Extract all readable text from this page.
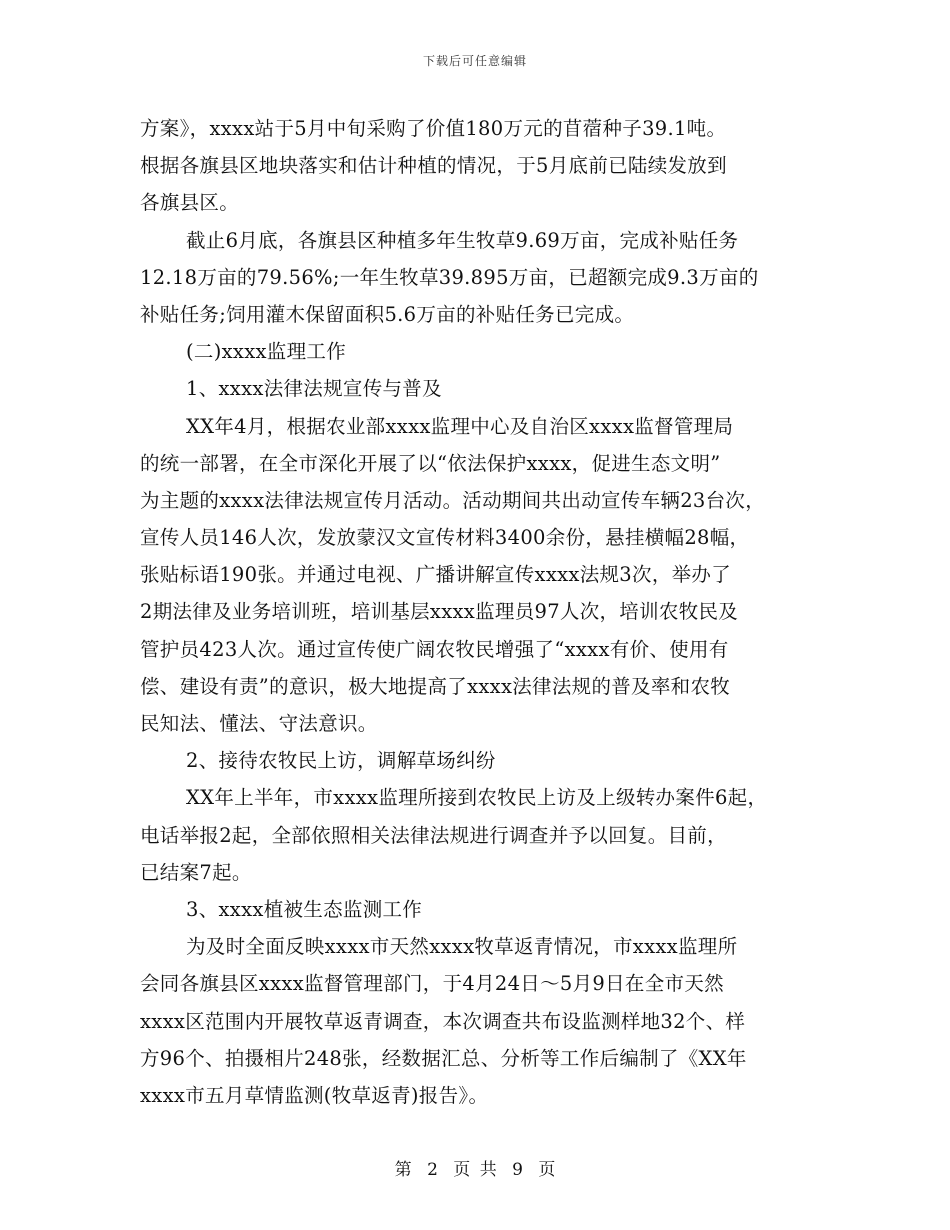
下载后可任意编辑
方案》，xxxx站于5月中旬采购了价值180万元的苜蓿种子39.1吨。
根据各旗县区地块落实和估计种植的情况，于5月底前已陆续发放到
各旗县区。
截止6月底，各旗县区种植多年生牧草9.69万亩，完成补贴任务
12.18万亩的79.56%;一年生牧草39.895万亩，已超额完成9.3万亩的
补贴任务;饲用灌木保留面积5.6万亩的补贴任务已完成。
(二)xxxx监理工作
1、xxxx法律法规宣传与普及
XX年4月，根据农业部xxxx监理中心及自治区xxxx监督管理局
的统一部署，在全市深化开展了以“依法保护xxxx，促进生态文明”
为主题的xxxx法律法规宣传月活动。活动期间共出动宣传车辆23台次，
宣传人员146人次，发放蒙汉文宣传材料3400余份，悬挂横幅28幅，
张贴标语190张。并通过电视、广播讲解宣传xxxx法规3次，举办了
2期法律及业务培训班，培训基层xxxx监理员97人次，培训农牧民及
管护员423人次。通过宣传使广阔农牧民增强了“xxxx有价、使用有
偿、建设有责”的意识，极大地提高了xxxx法律法规的普及率和农牧
民知法、懂法、守法意识。
2、接待农牧民上访，调解草场纠纷
XX年上半年，市xxxx监理所接到农牧民上访及上级转办案件6起，
电话举报2起，全部依照相关法律法规进行调查并予以回复。目前，
已结案7起。
3、xxxx植被生态监测工作
为及时全面反映xxxx市天然xxxx牧草返青情况，市xxxx监理所
会同各旗县区xxxx监督管理部门，于4月24日～5月9日在全市天然
xxxx区范围内开展牧草返青调查，本次调查共布设监测样地32个、样
方96个、拍摄相片248张，经数据汇总、分析等工作后编制了《XX年
xxxx市五月草情监测(牧草返青)报告》。
第 2 页 共 9 页
